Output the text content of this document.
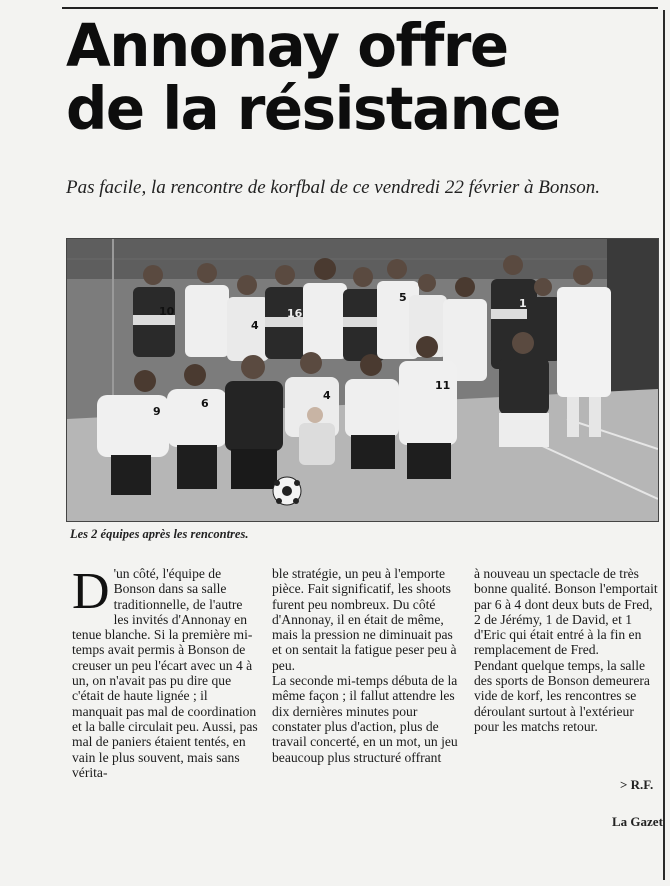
Annonay offre
de la résistance

Pas facile, la rencontre de korfbal de ce vendredi 22 février à Bonson.

10
4
16
5	1
9
6
4
11

Les 2 équipes après les rencontres.

D 'un côté, l'équipe de Bonson dans sa salle traditionnelle, de l'autre les invités d'Annonay en tenue blanche. Si la première mi-temps avait permis à Bonson de creuser un peu l'écart avec un 4 à un, on n'avait pas pu dire que c'était de haute lignée ; il manquait pas mal de coordination et la balle circulait peu. Aussi, pas mal de paniers étaient tentés, en vain le plus souvent, mais sans vérita-

ble stratégie, un peu à l'emporte pièce. Fait significatif, les shoots furent peu nombreux. Du côté d'Annonay, il en était de même, mais la pression ne diminuait pas et on sentait la fatigue peser peu à peu.

La seconde mi-temps débuta de la même façon ; il fallut attendre les dix dernières minutes pour constater plus d'action, plus de travail concerté, en un mot, un jeu beaucoup plus structuré offrant

à nouveau un spectacle de très bonne qualité. Bonson l'emportait par 6 à 4 dont deux buts de Fred, 2 de Jérémy, 1 de David, et 1 d'Eric qui était entré à la fin en remplacement de Fred.

Pendant quelque temps, la salle des sports de Bonson demeurera vide de korf, les rencontres se déroulant surtout à l'extérieur pour les matchs retour.

> R.F.

La Gazet
